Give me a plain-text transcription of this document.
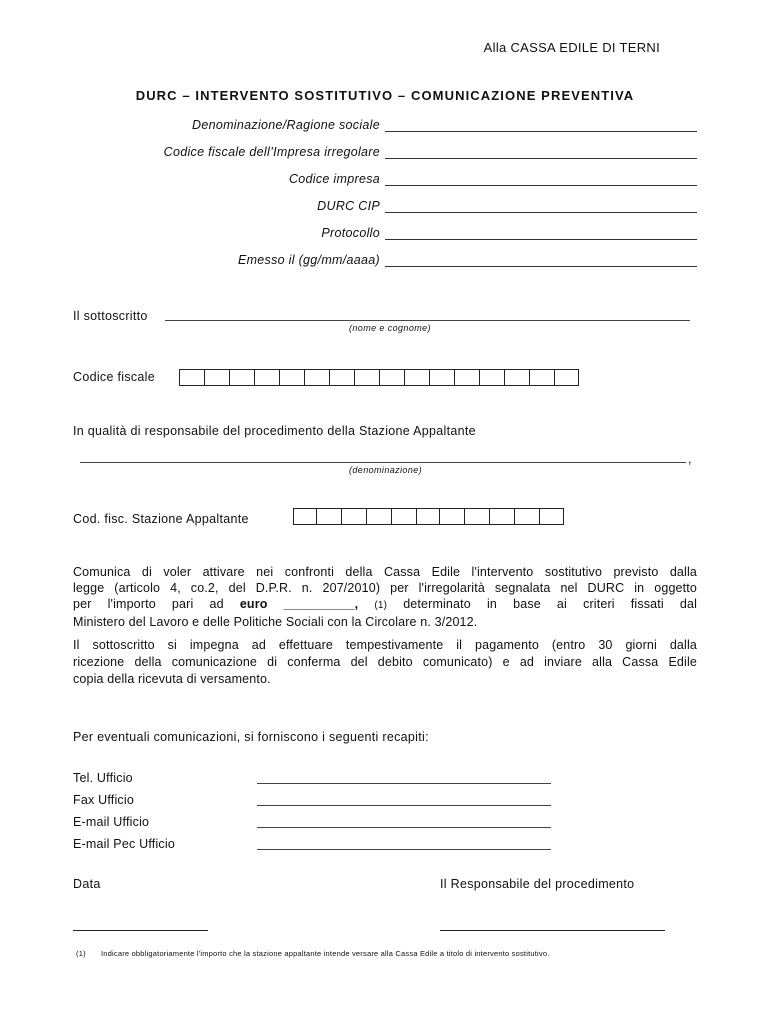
Alla CASSA EDILE DI TERNI
DURC – INTERVENTO SOSTITUTIVO – COMUNICAZIONE PREVENTIVA
Denominazione/Ragione sociale
Codice fiscale dell’Impresa irregolare
Codice impresa
DURC CIP
Protocollo
Emesso il (gg/mm/aaaa)
Il sottoscritto
(nome e cognome)
Codice fiscale
In qualità di responsabile del procedimento della Stazione Appaltante
,
(denominazione)
Cod. fisc. Stazione Appaltante
Comunica di voler attivare nei confronti della Cassa Edile l'intervento sostitutivo previsto dalla
legge (articolo 4, co.2, del D.P.R. n. 207/2010) per l'irregolarità segnalata nel DURC in oggetto
per l'importo pari ad euro __________, (1) determinato in base ai criteri fissati dal
Ministero del Lavoro e delle Politiche Sociali con la Circolare n. 3/2012.
Il sottoscritto si impegna ad effettuare tempestivamente il pagamento (entro 30 giorni dalla
ricezione della comunicazione di conferma del debito comunicato) e ad inviare alla Cassa Edile
copia della ricevuta di versamento.
Per eventuali comunicazioni, si forniscono i seguenti recapiti:
Tel. Ufficio
Fax Ufficio
E-mail Ufficio
E-mail Pec Ufficio
Data	Il Responsabile del procedimento
(1) Indicare obbligatoriamente l'importo che la stazione appaltante intende versare alla Cassa Edile a titolo di intervento sostitutivo.
